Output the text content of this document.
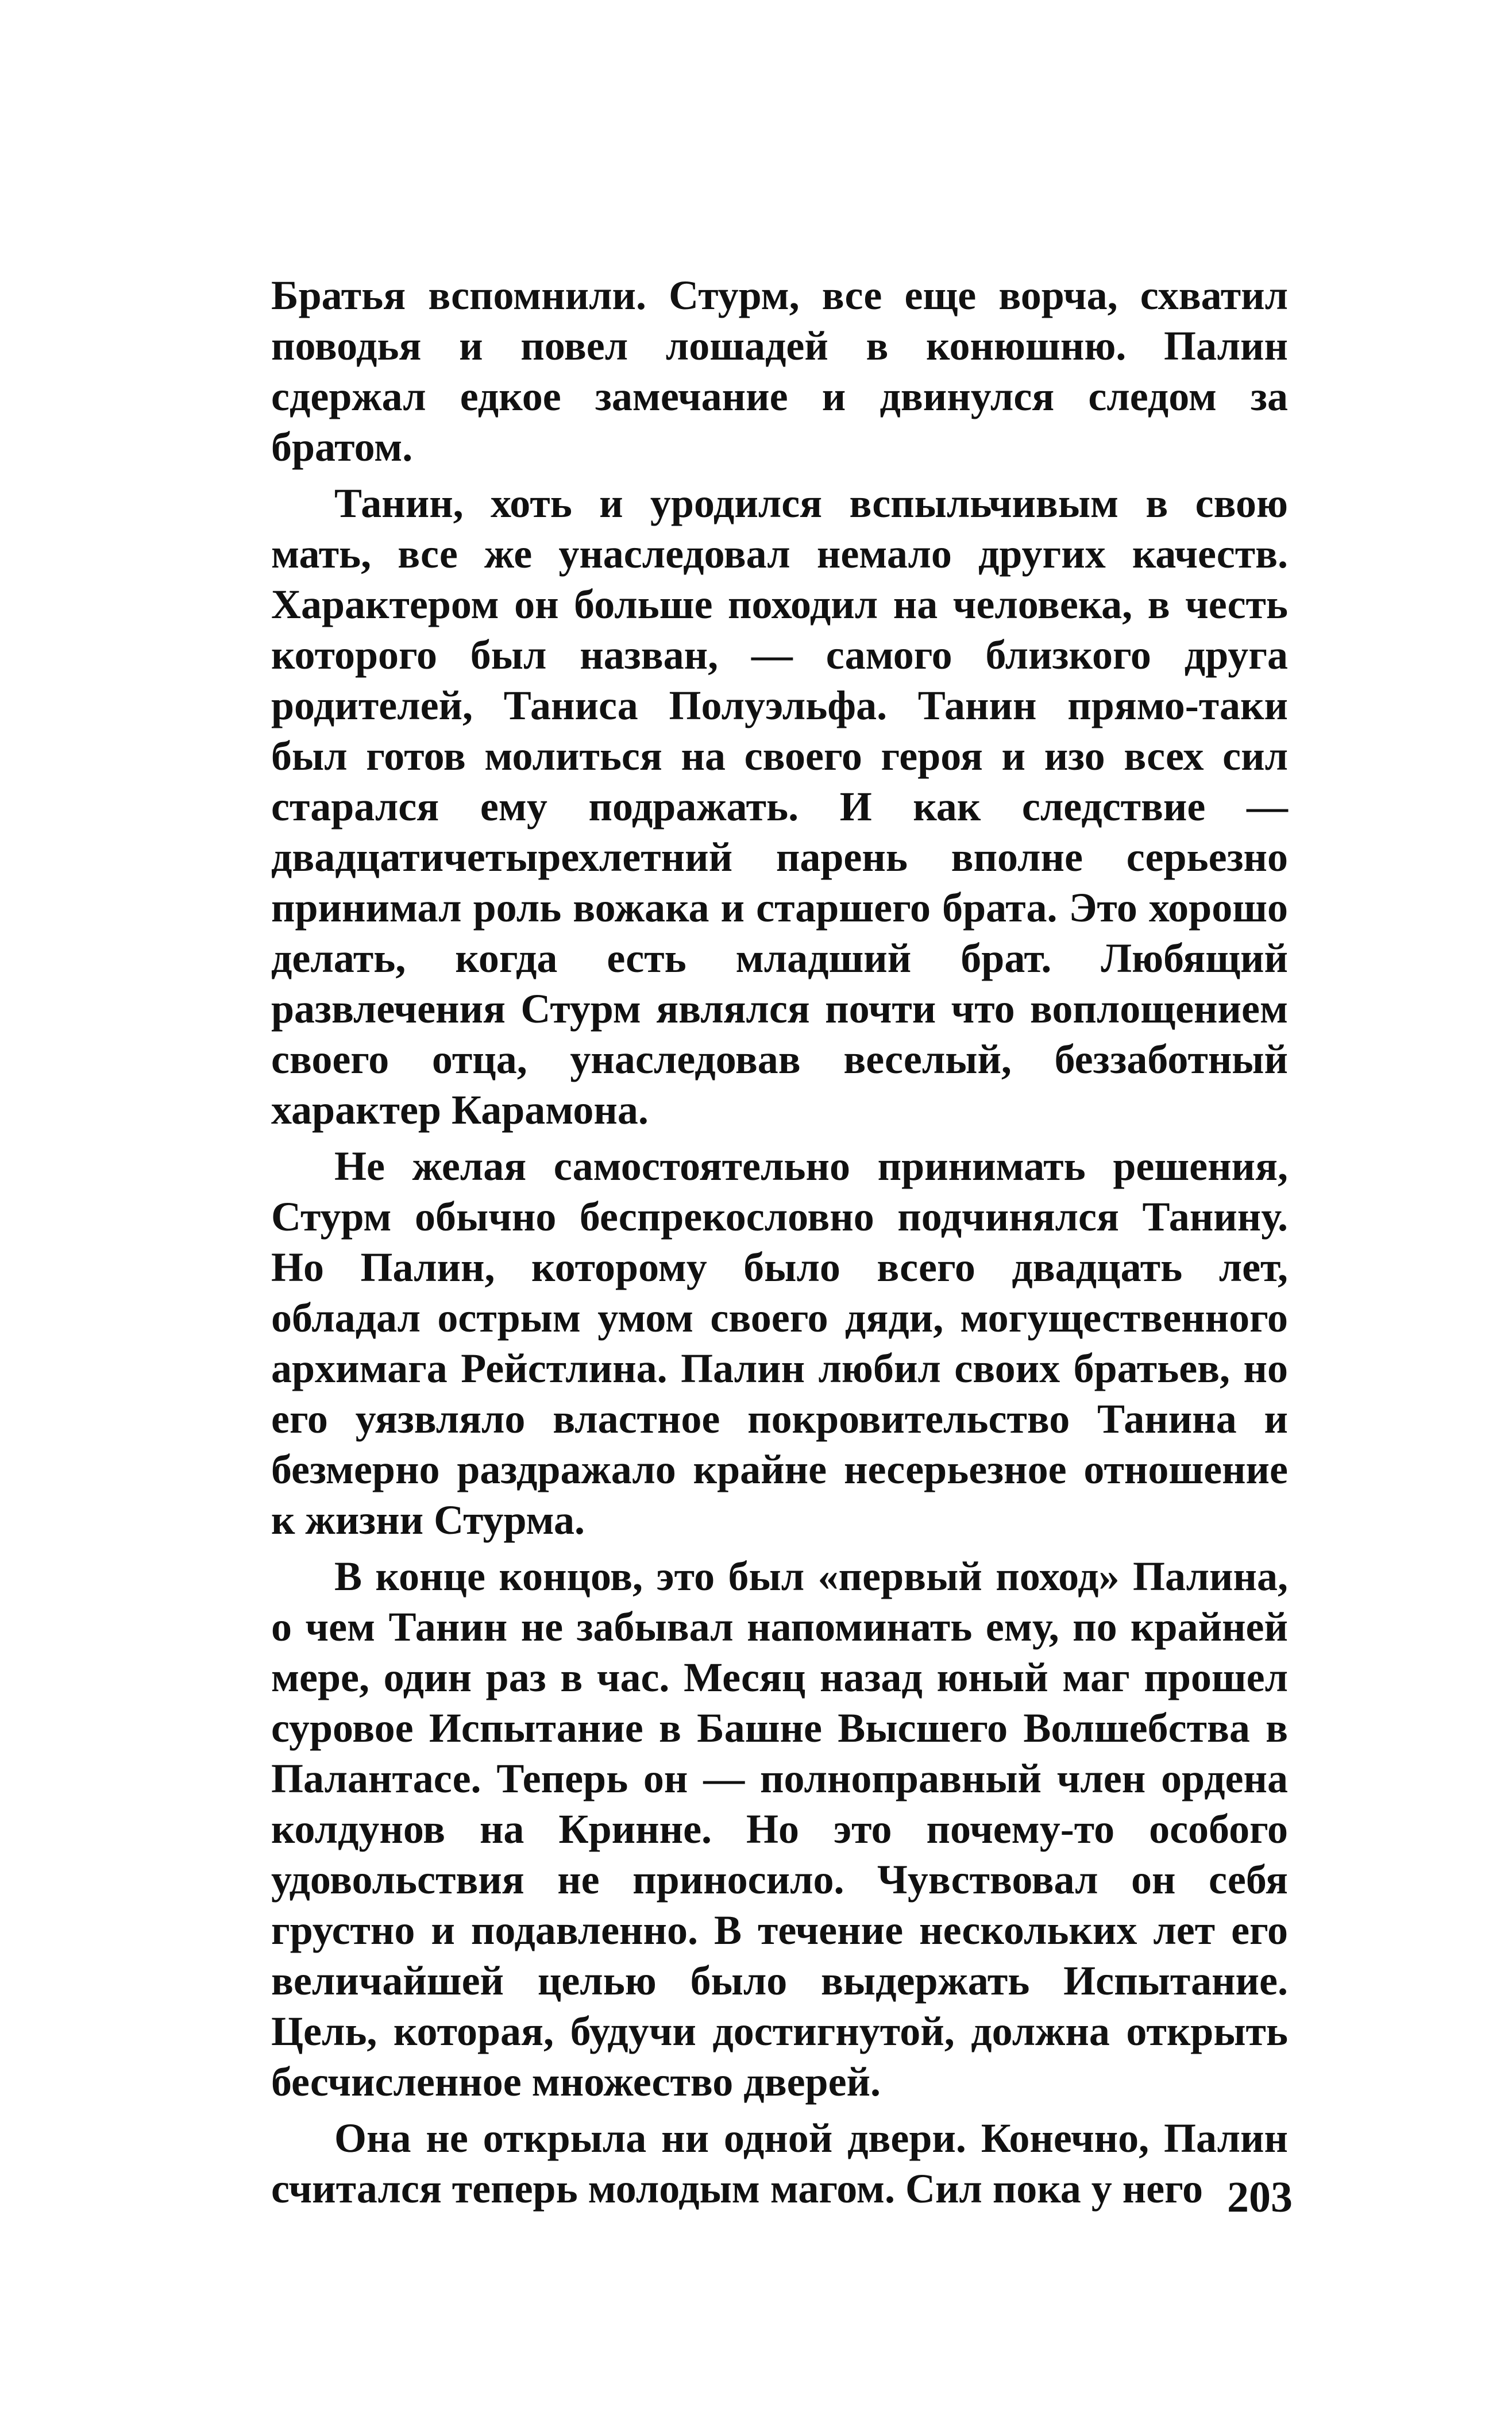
Братья вспомнили. Стурм, все еще ворча, схватил поводья и повел лошадей в конюшню. Палин сдержал едкое замечание и двинулся следом за братом.

Танин, хоть и уродился вспыльчивым в свою мать, все же унаследовал немало других качеств. Характером он больше походил на человека, в честь которого был назван, — самого близкого друга родителей, Таниса Полуэльфа. Танин прямо-таки был готов молиться на своего героя и изо всех сил старался ему подражать. И как следствие — двадцатичетырехлетний парень вполне серьезно принимал роль вожака и старшего брата. Это хорошо делать, когда есть младший брат. Любящий развлечения Стурм являлся почти что воплощением своего отца, унаследовав веселый, беззаботный характер Карамона.

Не желая самостоятельно принимать решения, Стурм обычно беспрекословно подчинялся Танину. Но Палин, которому было всего двадцать лет, обладал острым умом своего дяди, могущественного архимага Рейстлина. Палин любил своих братьев, но его уязвляло властное покровительство Танина и безмерно раздражало крайне несерьезное отношение к жизни Стурма.

В конце концов, это был «первый поход» Палина, о чем Танин не забывал напоминать ему, по крайней мере, один раз в час. Месяц назад юный маг прошел суровое Испытание в Башне Высшего Волшебства в Палантасе. Теперь он — полноправный член ордена колдунов на Кринне. Но это почему-то особого удовольствия не приносило. Чувствовал он себя грустно и подавленно. В течение нескольких лет его величайшей целью было выдержать Испытание. Цель, которая, будучи достигнутой, должна открыть бесчисленное множество дверей.

Она не открыла ни одной двери. Конечно, Палин считался теперь молодым магом. Сил пока у него 203
